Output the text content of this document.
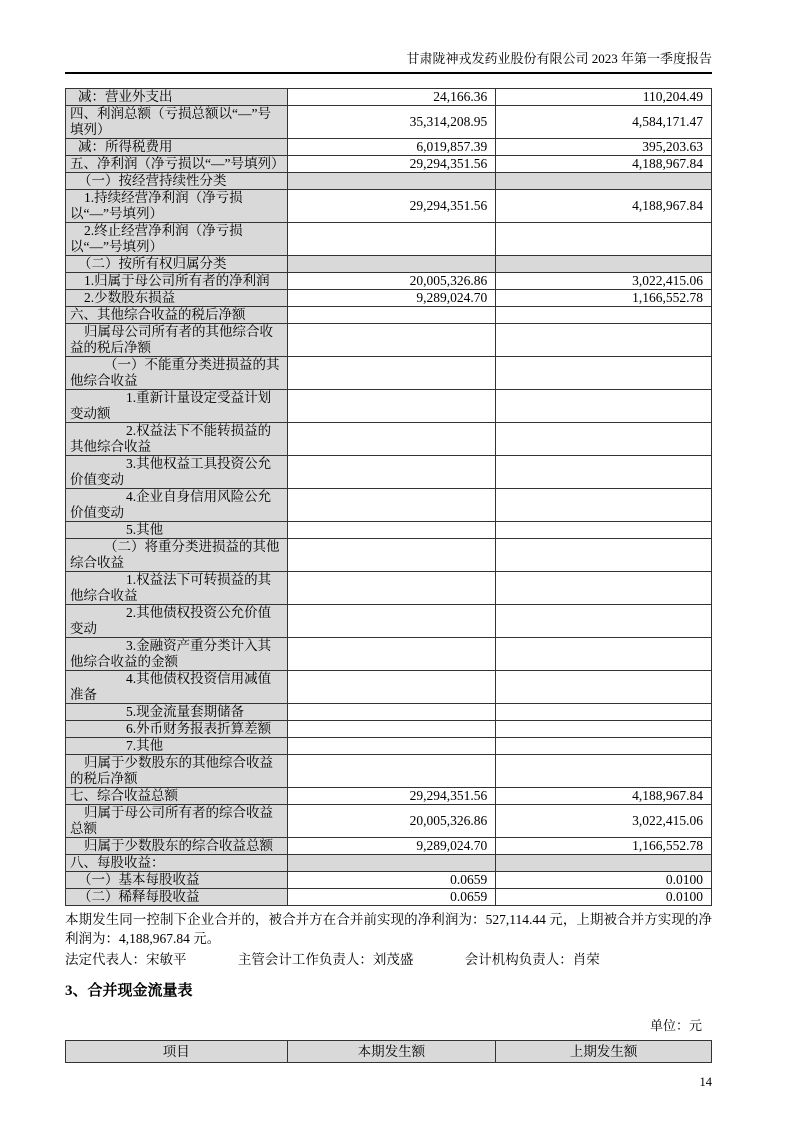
甘肃陇神戎发药业股份有限公司 2023 年第一季度报告
减：营业外支出	24,166.36	110,204.49
四、利润总额（亏损总额以“—”号填列）	35,314,208.95	4,584,171.47
减：所得税费用	6,019,857.39	395,203.63
五、净利润（净亏损以“—”号填列）	29,294,351.56	4,188,967.84
（一）按经营持续性分类		
1.持续经营净利润（净亏损以“—”号填列）	29,294,351.56	4,188,967.84
2.终止经营净利润（净亏损以“—”号填列）		
（二）按所有权归属分类		
1.归属于母公司所有者的净利润	20,005,326.86	3,022,415.06
2.少数股东损益	9,289,024.70	1,166,552.78
六、其他综合收益的税后净额		
归属母公司所有者的其他综合收益的税后净额		
（一）不能重分类进损益的其他综合收益		
1.重新计量设定受益计划变动额		
2.权益法下不能转损益的其他综合收益		
3.其他权益工具投资公允价值变动		
4.企业自身信用风险公允价值变动		
5.其他		
（二）将重分类进损益的其他综合收益		
1.权益法下可转损益的其他综合收益		
2.其他债权投资公允价值变动		
3.金融资产重分类计入其他综合收益的金额		
4.其他债权投资信用减值准备		
5.现金流量套期储备		
6.外币财务报表折算差额		
7.其他		
归属于少数股东的其他综合收益的税后净额		
七、综合收益总额	29,294,351.56	4,188,967.84
归属于母公司所有者的综合收益总额	20,005,326.86	3,022,415.06
归属于少数股东的综合收益总额	9,289,024.70	1,166,552.78
八、每股收益：		
（一）基本每股收益	0.0659	0.0100
（二）稀释每股收益	0.0659	0.0100

本期发生同一控制下企业合并的，被合并方在合并前实现的净利润为：527,114.44 元，上期被合并方实现的净利润为：4,188,967.84 元。

法定代表人：宋敏平	主管会计工作负责人：刘茂盛	会计机构负责人：肖荣

3、合并现金流量表
单位：元
项目	本期发生额	上期发生额
14
